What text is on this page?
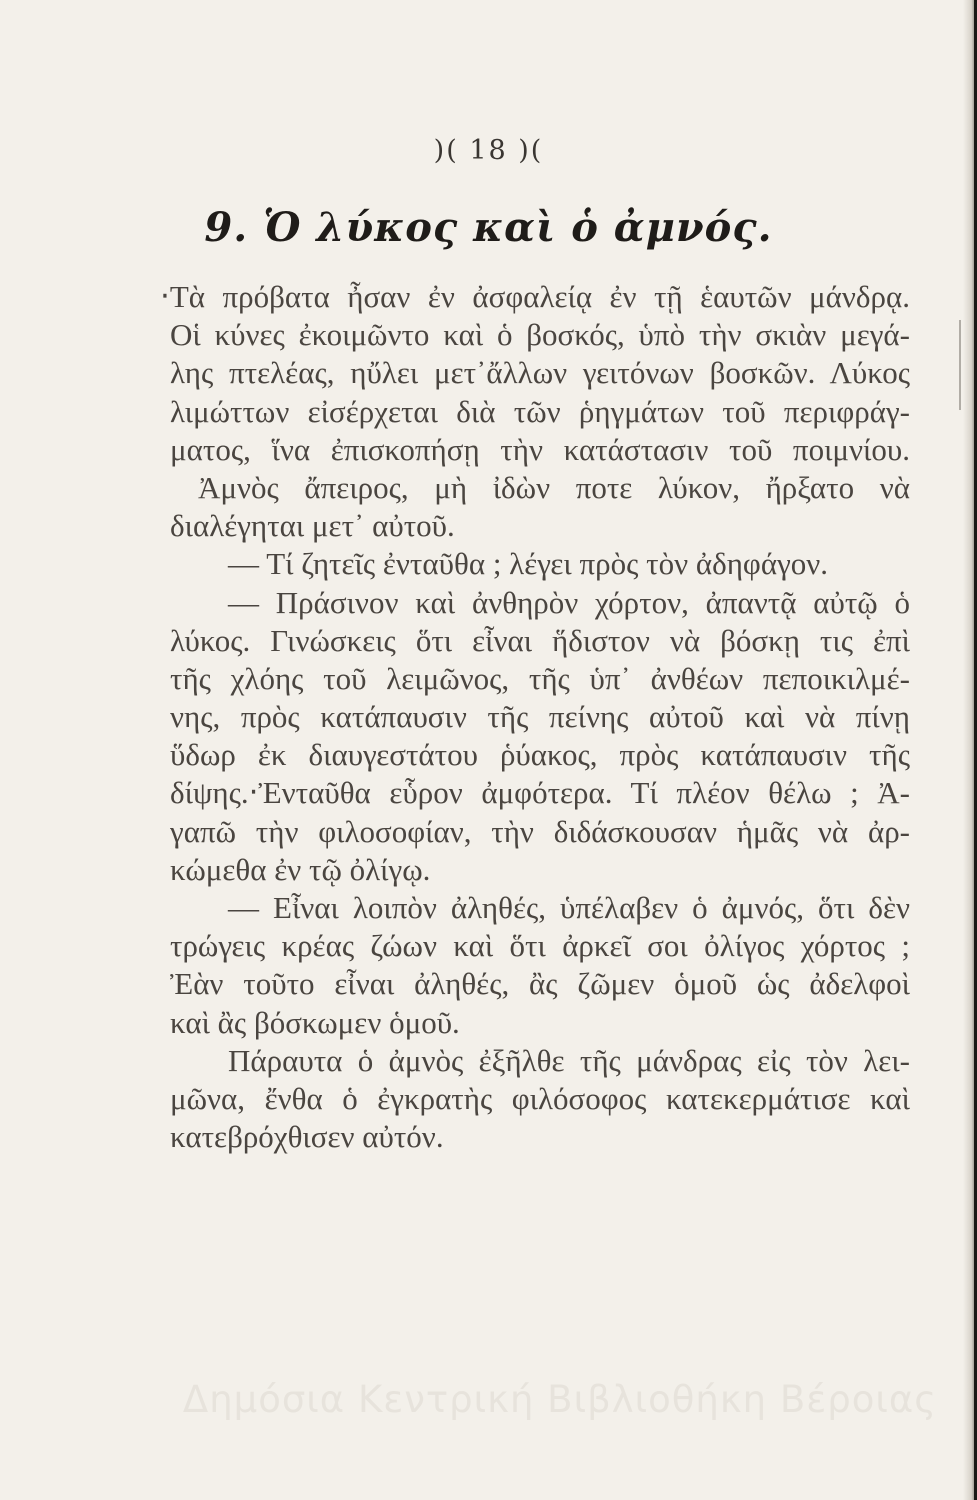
)( 18 )(
9. Ὁ λύκος καὶ ὁ ἀμνός.
‧Τὰ πρόβατα ἦσαν ἐν ἀσφαλείᾳ ἐν τῇ ἑαυτῶν μάνδρᾳ.
Οἱ κύνες ἐκοιμῶντο καὶ ὁ βοσκός, ὑπὸ τὴν σκιὰν μεγά-
λης πτελέας, ηὔλει μετ᾽ἄλλων γειτόνων βοσκῶν. Λύκος
λιμώττων εἰσέρχεται διὰ τῶν ῥηγμάτων τοῦ περιφράγ-
ματος, ἵνα ἐπισκοπήσῃ τὴν κατάστασιν τοῦ ποιμνίου.
Ἀμνὸς ἄπειρος, μὴ ἰδὼν ποτε λύκον, ἤρξατο νὰ
διαλέγηται μετ᾽ αὐτοῦ.
— Τί ζητεῖς ἐνταῦθα ; λέγει πρὸς τὸν ἀδηφάγον.
— Πράσινον καὶ ἀνθηρὸν χόρτον, ἀπαντᾷ αὐτῷ ὁ
λύκος. Γινώσκεις ὅτι εἶναι ἥδιστον νὰ βόσκῃ τις ἐπὶ
τῆς χλόης τοῦ λειμῶνος, τῆς ὑπ᾽ ἀνθέων πεποικιλμέ-
νης, πρὸς κατάπαυσιν τῆς πείνης αὐτοῦ καὶ νὰ πίνῃ
ὕδωρ ἐκ διαυγεστάτου ῥύακος, πρὸς κατάπαυσιν τῆς
δίψης.‧Ἐνταῦθα εὗρον ἀμφότερα. Τί πλέον θέλω ; Ἀ-
γαπῶ τὴν φιλοσοφίαν, τὴν διδάσκουσαν ἡμᾶς νὰ ἀρ-
κώμεθα ἐν τῷ ὀλίγῳ.
— Εἶναι λοιπὸν ἀληθές, ὑπέλαβεν ὁ ἀμνός, ὅτι δὲν
τρώγεις κρέας ζώων καὶ ὅτι ἀρκεῖ σοι ὀλίγος χόρτος ;
Ἐὰν τοῦτο εἶναι ἀληθές, ἂς ζῶμεν ὁμοῦ ὡς ἀδελφοὶ
καὶ ἂς βόσκωμεν ὁμοῦ.
Πάραυτα ὁ ἀμνὸς ἐξῆλθε τῆς μάνδρας εἰς τὸν λει-
μῶνα, ἔνθα ὁ ἐγκρατὴς φιλόσοφος κατεκερμάτισε καὶ
κατεβρόχθισεν αὐτόν.
Δημόσια Κεντρική Βιβλιοθήκη Βέροιας
